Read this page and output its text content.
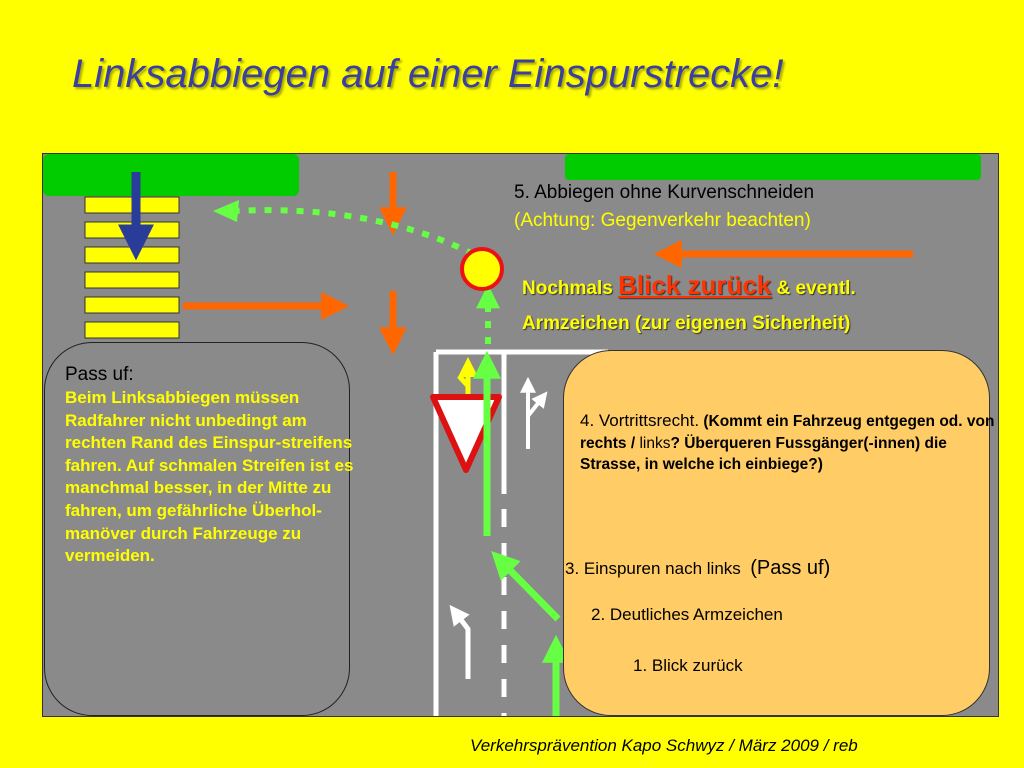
Linksabbiegen auf einer Einspurstrecke!
Pass uf:
Beim Linksabbiegen müssen Radfahrer nicht unbedingt am rechten Rand des Einspur-streifens fahren. Auf schmalen Streifen ist es manchmal besser, in der Mitte zu fahren, um gefährliche Überhol-manöver durch Fahrzeuge zu vermeiden.
5. Abbiegen ohne Kurvenschneiden
(Achtung: Gegenverkehr beachten)
Nochmals Blick zurück & eventl.
Armzeichen (zur eigenen Sicherheit)
4. Vortrittsrecht. (Kommt ein Fahrzeug entgegen od. von rechts / links? Überqueren Fussgänger(-innen) die Strasse, in welche ich einbiege?)
3. Einspuren nach links (Pass uf)
2. Deutliches Armzeichen
1. Blick zurück
Verkehrsprävention Kapo Schwyz / März 2009 / reb
